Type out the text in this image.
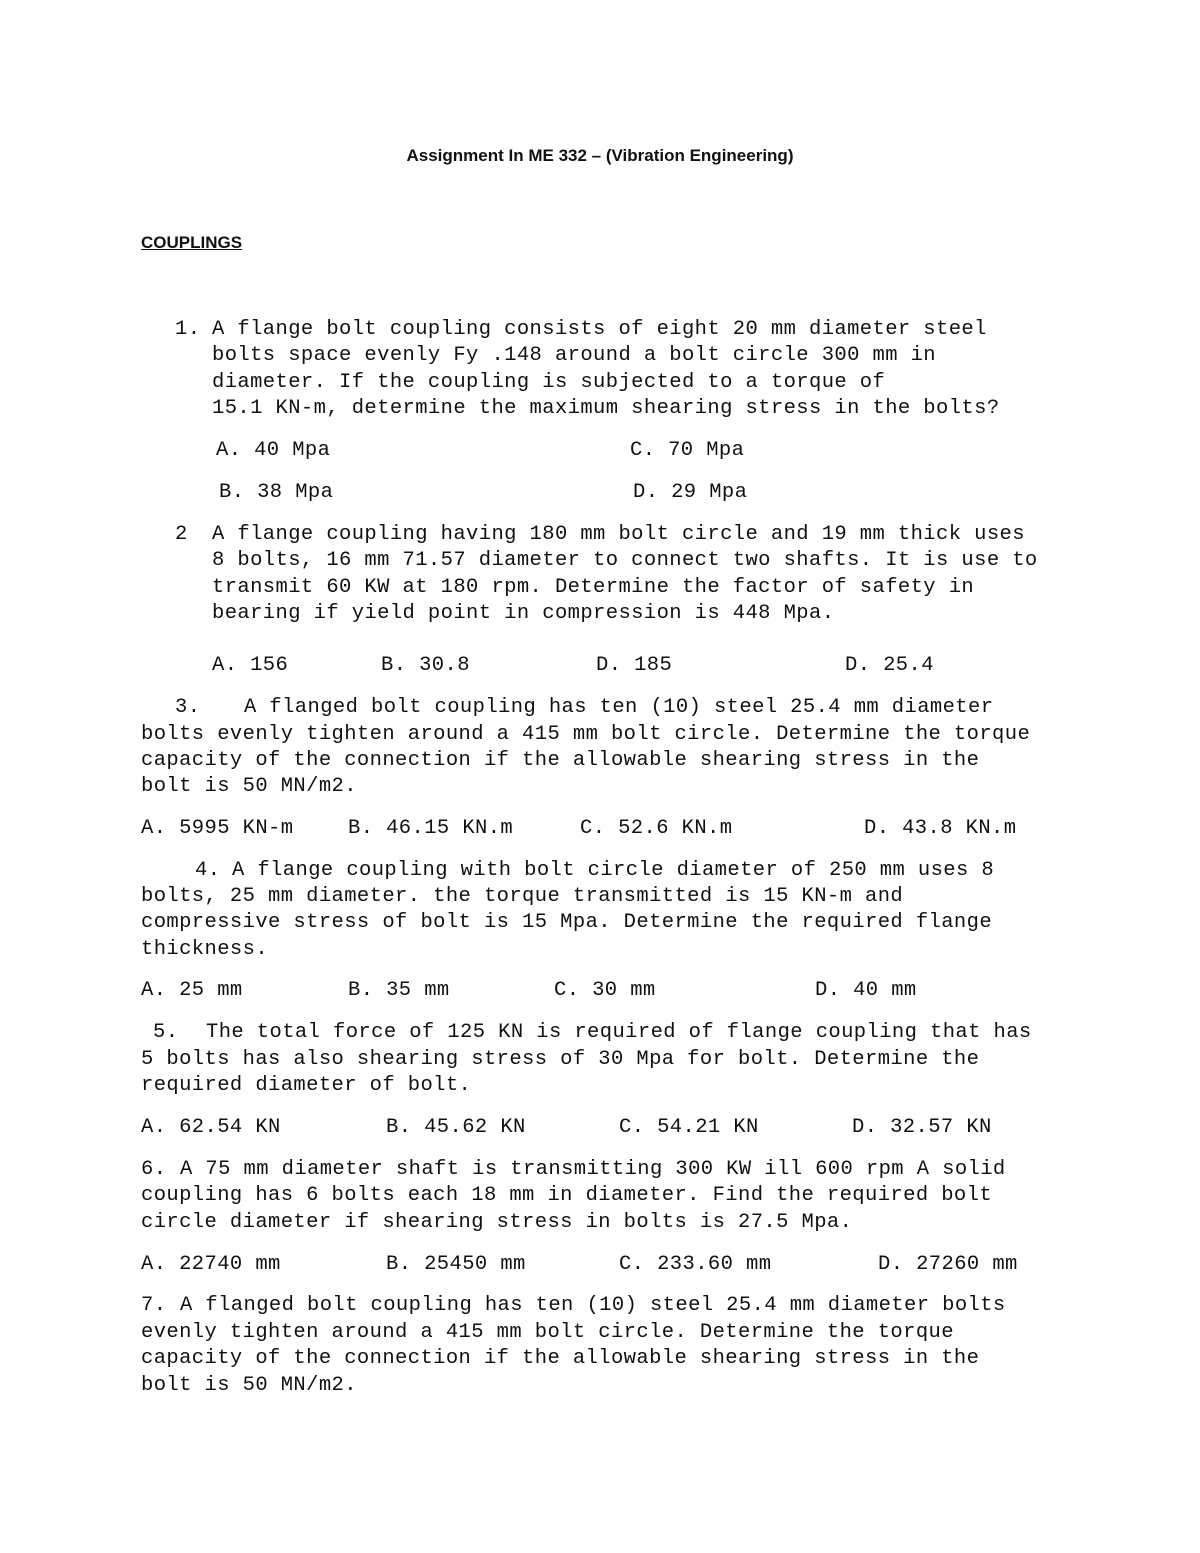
Assignment In ME 332 – (Vibration Engineering)
COUPLINGS
1. A flange bolt coupling consists of eight 20 mm diameter steel
bolts space evenly Fy .148 around a bolt circle 300 mm in
diameter. If the coupling is subjected to a torque of
15.1 KN-m, determine the maximum shearing stress in the bolts?
A. 40 Mpa	C. 70 Mpa
B. 38 Mpa	D. 29 Mpa
2 A flange coupling having 180 mm bolt circle and 19 mm thick uses
8 bolts, 16 mm 71.57 diameter to connect two shafts. It is use to
transmit 60 KW at 180 rpm. Determine the factor of safety in
bearing if yield point in compression is 448 Mpa.
A. 156	B. 30.8	D. 185	D. 25.4
3. A flanged bolt coupling has ten (10) steel 25.4 mm diameter
bolts evenly tighten around a 415 mm bolt circle. Determine the torque
capacity of the connection if the allowable shearing stress in the
bolt is 50 MN/m2.
A. 5995 KN-m	B. 46.15 KN.m	C. 52.6 KN.m	D. 43.8 KN.m
4. A flange coupling with bolt circle diameter of 250 mm uses 8
bolts, 25 mm diameter. the torque transmitted is 15 KN-m and
compressive stress of bolt is 15 Mpa. Determine the required flange
thickness.
A. 25 mm	B. 35 mm	C. 30 mm	D. 40 mm
5. The total force of 125 KN is required of flange coupling that has
5 bolts has also shearing stress of 30 Mpa for bolt. Determine the
required diameter of bolt.
A. 62.54 KN	B. 45.62 KN	C. 54.21 KN	D. 32.57 KN
6. A 75 mm diameter shaft is transmitting 300 KW ill 600 rpm A solid
coupling has 6 bolts each 18 mm in diameter. Find the required bolt
circle diameter if shearing stress in bolts is 27.5 Mpa.
A. 22740 mm	B. 25450 mm	C. 233.60 mm	D. 27260 mm
7. A flanged bolt coupling has ten (10) steel 25.4 mm diameter bolts
evenly tighten around a 415 mm bolt circle. Determine the torque
capacity of the connection if the allowable shearing stress in the
bolt is 50 MN/m2.
